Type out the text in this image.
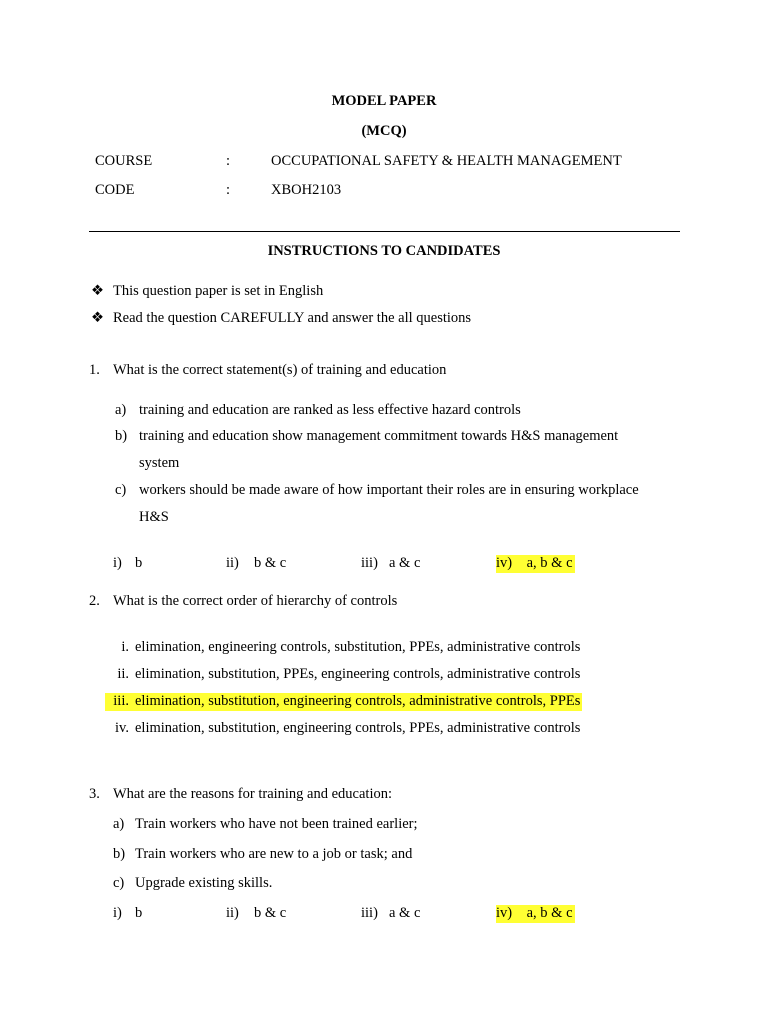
MODEL PAPER
(MCQ)
COURSE	:	OCCUPATIONAL SAFETY & HEALTH MANAGEMENT
CODE	:	XBOH2103
INSTRUCTIONS TO CANDIDATES
❖ This question paper is set in English
❖ Read the question CAREFULLY and answer the all questions
1. What is the correct statement(s) of training and education
a) training and education are ranked as less effective hazard controls
b) training and education show management commitment towards H&S management
system
c) workers should be made aware of how important their roles are in ensuring workplace
H&S
i) b	ii) b & c	iii) a & c	iv) a, b & c
2. What is the correct order of hierarchy of controls
i. elimination, engineering controls, substitution, PPEs, administrative controls
ii. elimination, substitution, PPEs, engineering controls, administrative controls
iii. elimination, substitution, engineering controls, administrative controls, PPEs
iv. elimination, substitution, engineering controls, PPEs, administrative controls
3. What are the reasons for training and education:
a) Train workers who have not been trained earlier;
b) Train workers who are new to a job or task; and
c) Upgrade existing skills.
i) b	ii) b & c	iii) a & c	iv) a, b & c
